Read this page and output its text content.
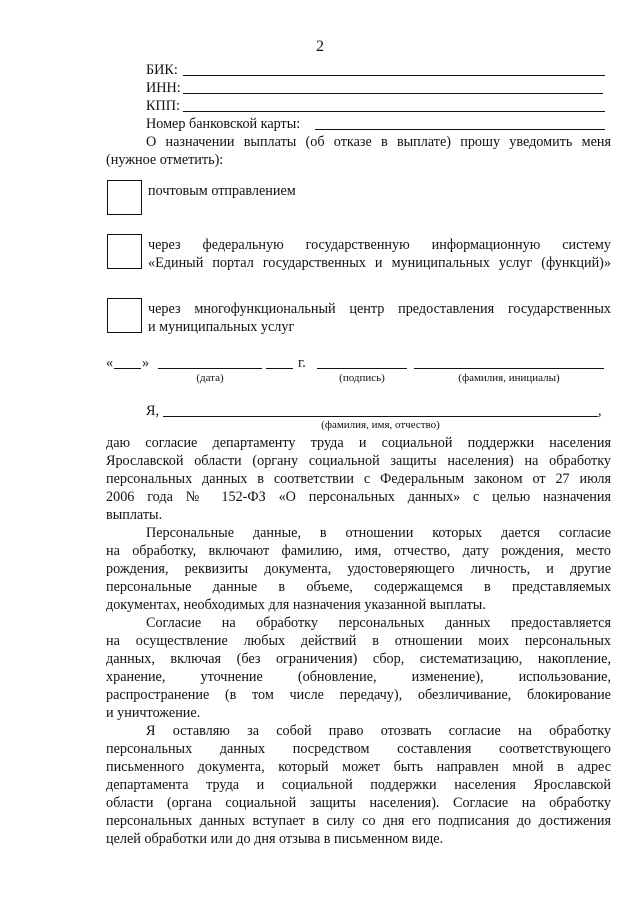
2
БИК:
ИНН:
КПП:
Номер банковской карты:
О назначении выплаты (об отказе в выплате) прошу уведомить меня
(нужное отметить):
почтовым отправлением
через федеральную государственную информационную систему
«Единый портал государственных и муниципальных услуг (функций)»
через многофункциональный центр предоставления государственных
и муниципальных услуг
« »	г.
(дата)	(подпись)	(фамилия, инициалы)
Я,	,
(фамилия, имя, отчество)
даю согласие департаменту труда и социальной поддержки населения
Ярославской области (органу социальной защиты населения) на обработку
персональных данных в соответствии с Федеральным законом от 27 июля
2006 года № 152-ФЗ «О персональных данных» с целью назначения
выплаты.
Персональные данные, в отношении которых дается согласие
на обработку, включают фамилию, имя, отчество, дату рождения, место
рождения, реквизиты документа, удостоверяющего личность, и другие
персональные данные в объеме, содержащемся в представляемых
документах, необходимых для назначения указанной выплаты.
Согласие на обработку персональных данных предоставляется
на осуществление любых действий в отношении моих персональных
данных, включая (без ограничения) сбор, систематизацию, накопление,
хранение, уточнение (обновление, изменение), использование,
распространение (в том числе передачу), обезличивание, блокирование
и уничтожение.
Я оставляю за собой право отозвать согласие на обработку
персональных данных посредством составления соответствующего
письменного документа, который может быть направлен мной в адрес
департамента труда и социальной поддержки населения Ярославской
области (органа социальной защиты населения). Согласие на обработку
персональных данных вступает в силу со дня его подписания до достижения
целей обработки или до дня отзыва в письменном виде.
